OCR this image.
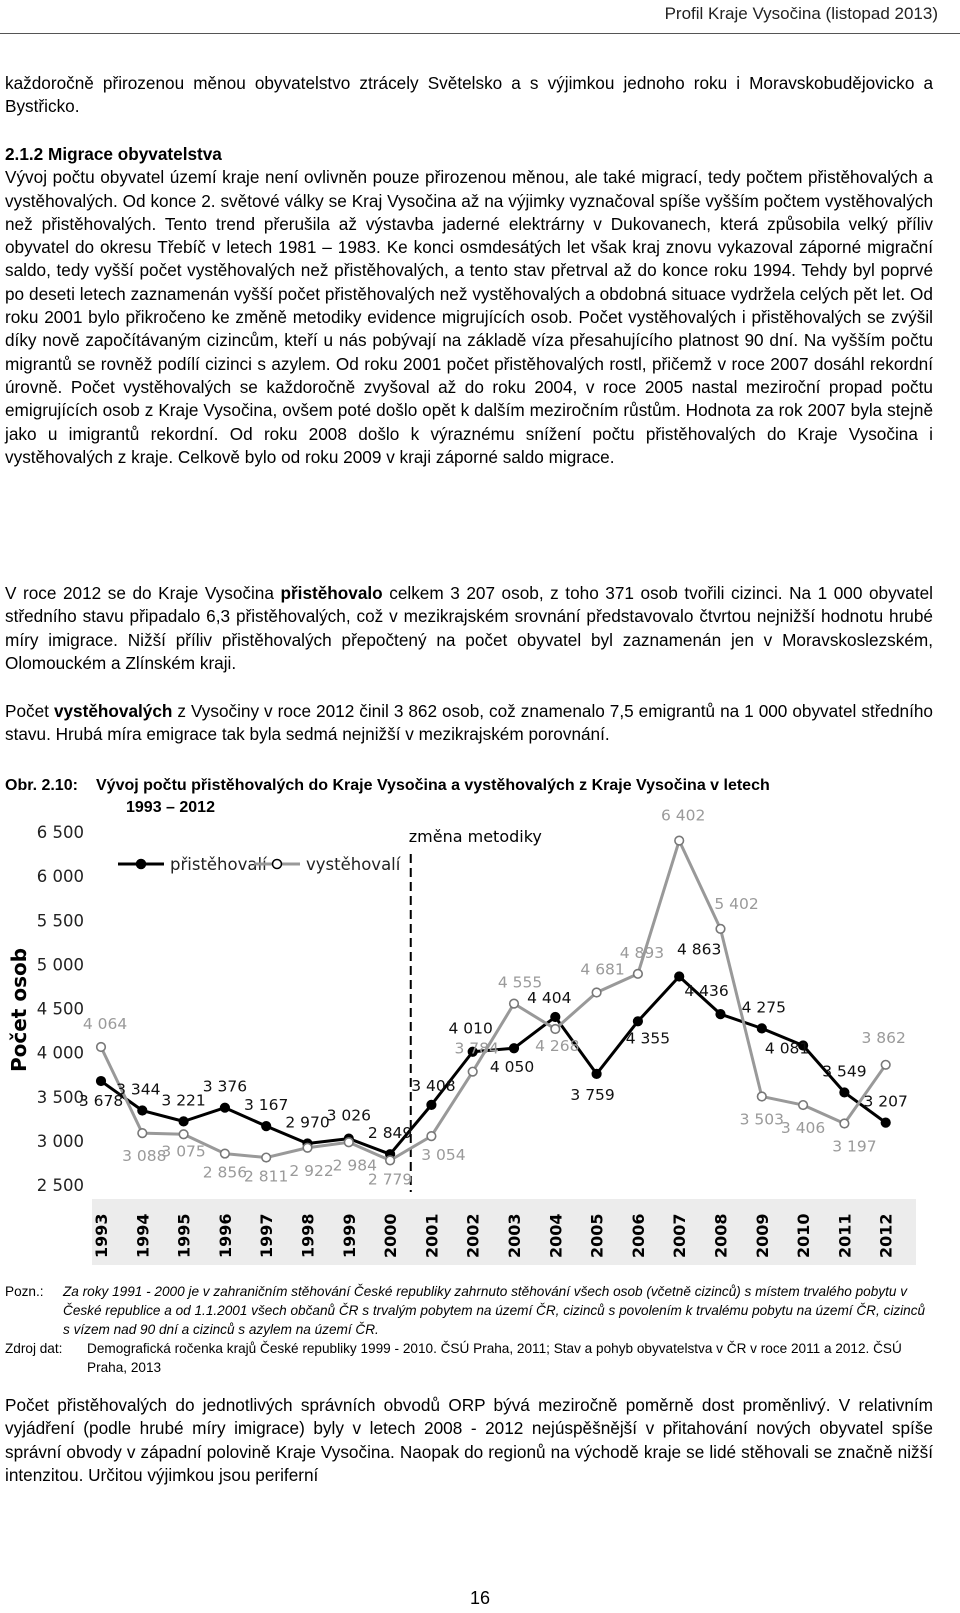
Profil Kraje Vysočina (listopad 2013)
každoročně přirozenou měnou obyvatelstvo ztrácely Světelsko a s výjimkou jednoho roku i Moravskobudějovicko a Bystřicko.
2.1.2 Migrace obyvatelstva
Vývoj počtu obyvatel území kraje není ovlivněn pouze přirozenou měnou, ale také migrací, tedy počtem přistěhovalých a vystěhovalých. Od konce 2. světové války se Kraj Vysočina až na výjimky vyznačoval spíše vyšším počtem vystěhovalých než přistěhovalých. Tento trend přerušila až výstavba jaderné elektrárny v Dukovanech, která způsobila velký příliv obyvatel do okresu Třebíč v letech 1981 – 1983. Ke konci osmdesátých let však kraj znovu vykazoval záporné migrační saldo, tedy vyšší počet vystěhovalých než přistěhovalých, a tento stav přetrval až do konce roku 1994. Tehdy byl poprvé po deseti letech zaznamenán vyšší počet přistěhovalých než vystěhovalých a obdobná situace vydržela celých pět let. Od roku 2001 bylo přikročeno ke změně metodiky evidence migrujících osob. Počet vystěhovalých i přistěhovalých se zvýšil díky nově započítávaným cizincům, kteří u nás pobývají na základě víza přesahujícího platnost 90 dní. Na vyšším počtu migrantů se rovněž podílí cizinci s azylem. Od roku 2001 počet přistěhovalých rostl, přičemž v roce 2007 dosáhl rekordní úrovně. Počet vystěhovalých se každoročně zvyšoval až do roku 2004, v roce 2005 nastal meziroční propad počtu emigrujících osob z Kraje Vysočina, ovšem poté došlo opět k dalším meziročním růstům. Hodnota za rok 2007 byla stejně jako u imigrantů rekordní. Od roku 2008 došlo k výraznému snížení počtu přistěhovalých do Kraje Vysočina i vystěhovalých z kraje. Celkově bylo od roku 2009 v kraji záporné saldo migrace.
V roce 2012 se do Kraje Vysočina přistěhovalo celkem 3 207 osob, z toho 371 osob tvořili cizinci. Na 1 000 obyvatel středního stavu připadalo 6,3 přistěhovalých, což v mezikrajském srovnání představovalo čtvrtou nejnižší hodnotu hrubé míry imigrace. Nižší příliv přistěhovalých přepočtený na počet obyvatel byl zaznamenán jen v Moravskoslezském, Olomouckém a Zlínském kraji.
Počet vystěhovalých z Vysočiny v roce 2012 činil 3 862 osob, což znamenalo 7,5 emigrantů na 1 000 obyvatel středního stavu. Hrubá míra emigrace tak byla sedmá nejnižší v mezikrajském porovnání.
Obr. 2.10: Vývoj počtu přistěhovalých do Kraje Vysočina a vystěhovalých z Kraje Vysočina v letech
1993 – 2012
Počet osob
2 500
3 000
3 500
4 000
4 500
5 000
5 500
6 000
6 500
1993 1994 1995 1996 1997 1998 1999 2000 2001 2002 2003 2004 2005 2006 2007 2008 2009 2010 2011 2012
změna metodiky
přistěhovalí vystěhovalí
3 678
3 344
3 221
3 376
3 167
2 970
3 026
2 849
3 408
4 010
4 050
4 404
3 759
4 355
4 863
4 436
4 275
4 081
3 549
3 207
4 064
3 088
3 075
2 856
2 811 2 922
2 984
2 779
3 054
3 784
4 555
4 268
4 681
4 893
6 402
5 402
3 503
3 406
3 197
3 862
Pozn.:	Za roky 1991 - 2000 je v zahraničním stěhování České republiky zahrnuto stěhování všech osob (včetně cizinců) s místem trvalého pobytu v České republice a od 1.1.2001 všech občanů ČR s trvalým pobytem na území ČR, cizinců s povolením k trvalému pobytu na území ČR, cizinců s vízem nad 90 dní a cizinců s azylem na území ČR.
Zdroj dat:	Demografická ročenka krajů České republiky 1999 - 2010. ČSÚ Praha, 2011; Stav a pohyb obyvatelstva v ČR v roce 2011 a 2012. ČSÚ Praha, 2013
Počet přistěhovalých do jednotlivých správních obvodů ORP bývá meziročně poměrně dost proměnlivý. V relativním vyjádření (podle hrubé míry imigrace) byly v letech 2008 - 2012 nejúspěšnější v přitahování nových obyvatel spíše správní obvody v západní polovině Kraje Vysočina. Naopak do regionů na východě kraje se lidé stěhovali se značně nižší intenzitou. Určitou výjimkou jsou periferní
16
